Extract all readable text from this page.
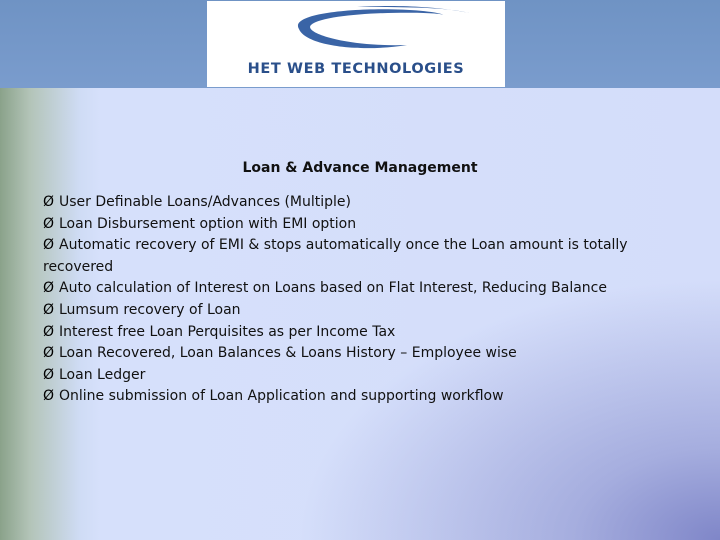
HWT
HET WEB TECHNOLOGIES
Loan & Advance Management
Ø User Definable Loans/Advances (Multiple)
Ø Loan Disbursement option with EMI option
Ø Automatic recovery of EMI & stops automatically once the Loan amount is totally recovered
Ø Auto calculation of Interest on Loans based on Flat Interest, Reducing Balance
Ø Lumsum recovery of Loan
Ø Interest free Loan Perquisites as per Income Tax
Ø Loan Recovered, Loan Balances & Loans History – Employee wise
Ø Loan Ledger
Ø Online submission of Loan Application and supporting workflow
